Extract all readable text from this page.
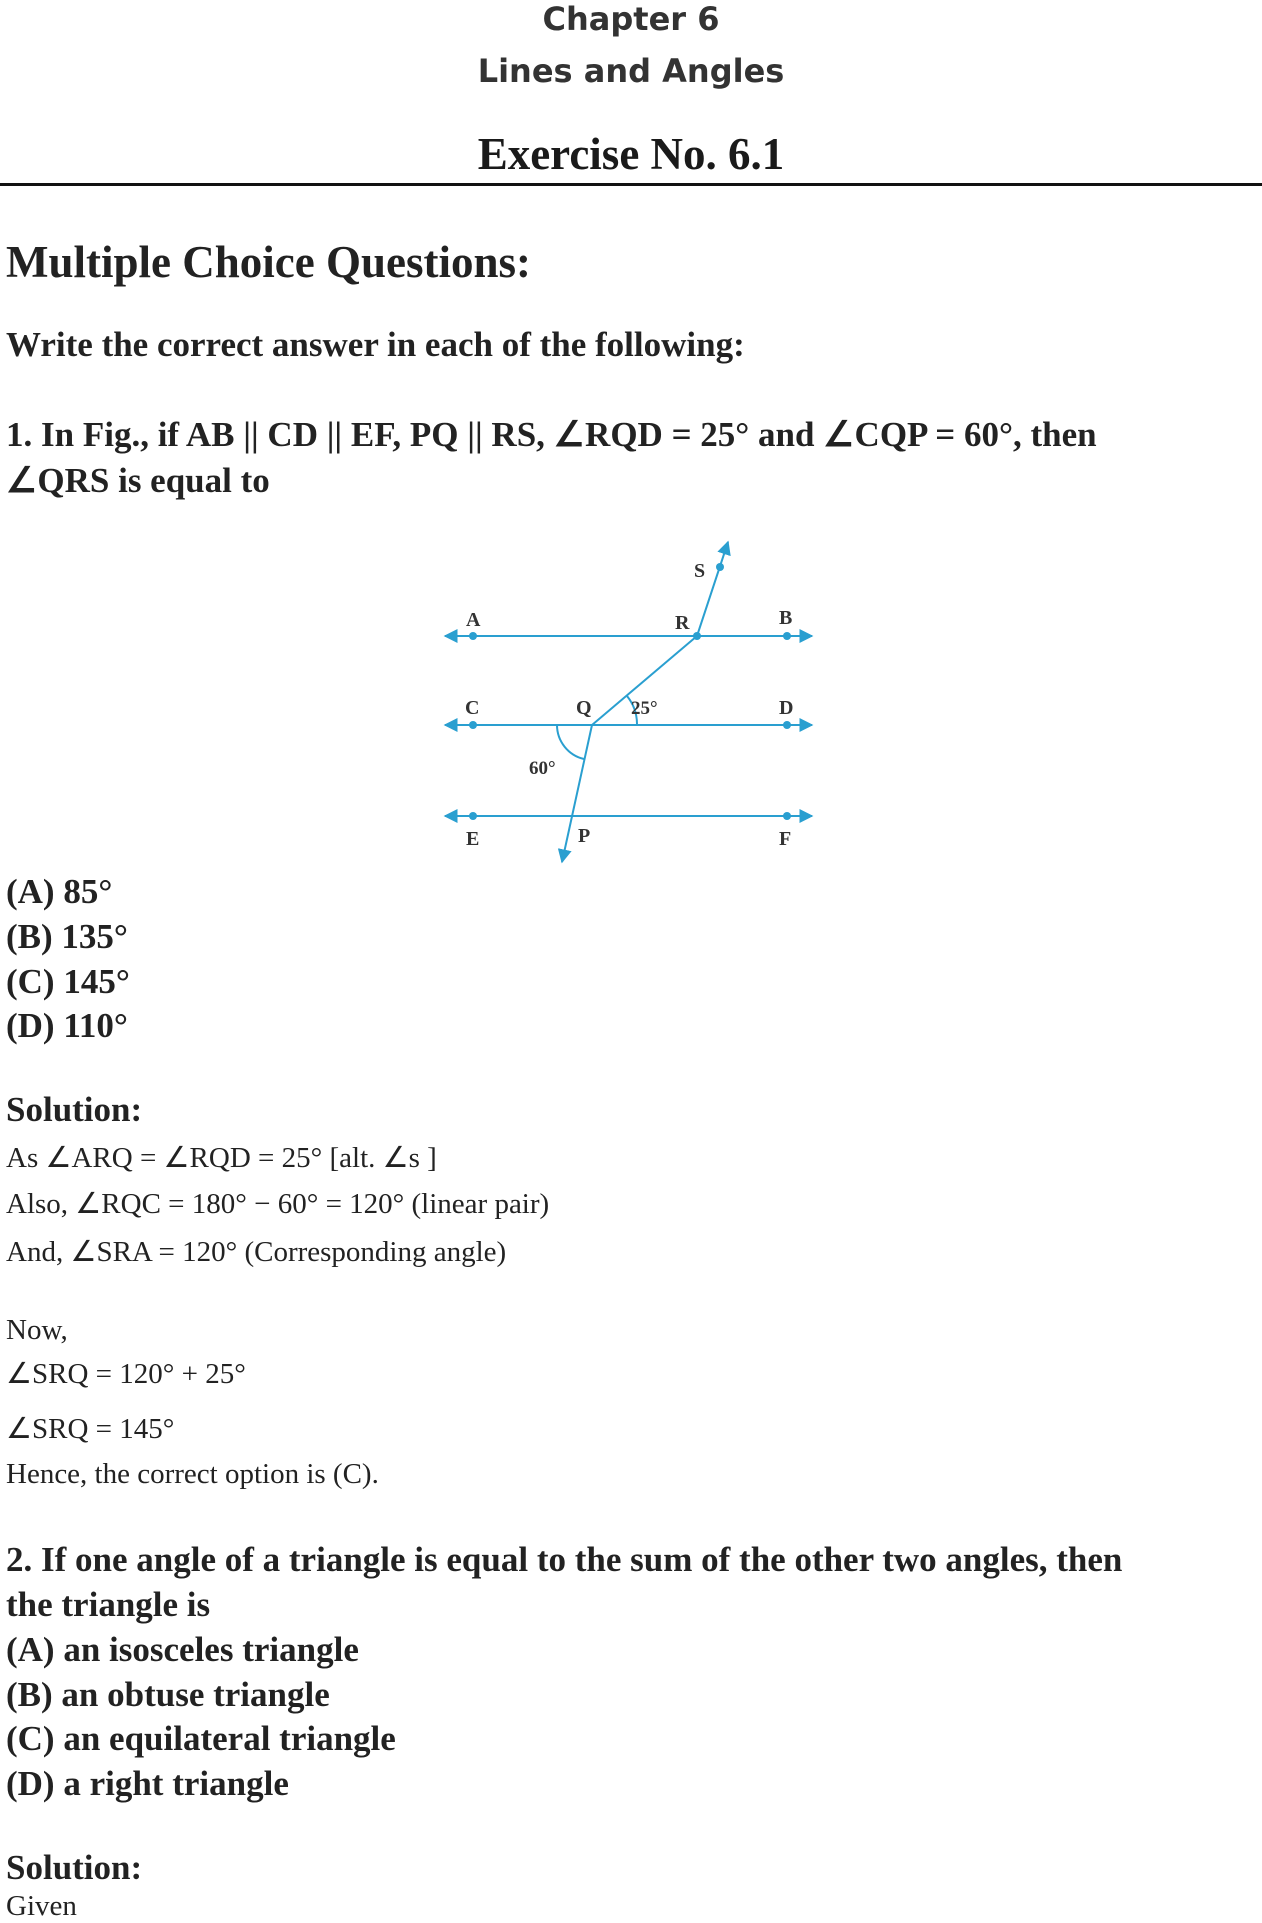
Chapter 6
Lines and Angles
Exercise No. 6.1
Multiple Choice Questions:
Write the correct answer in each of the following:
1. In Fig., if AB || CD || EF, PQ || RS, ∠RQD = 25° and ∠CQP = 60°, then
∠QRS is equal to
S
A	R	B
C	Q	D
E	P	F
25°
60°
(A) 85°
(B) 135°
(C) 145°
(D) 110°
Solution:
As ∠ARQ = ∠RQD = 25° [alt. ∠s ]
Also, ∠RQC = 180° − 60° = 120° (linear pair)
And, ∠SRA = 120° (Corresponding angle)
Now,
∠SRQ = 120° + 25°
∠SRQ = 145°
Hence, the correct option is (C).
2. If one angle of a triangle is equal to the sum of the other two angles, then
the triangle is
(A) an isosceles triangle
(B) an obtuse triangle
(C) an equilateral triangle
(D) a right triangle
Solution:
Given
